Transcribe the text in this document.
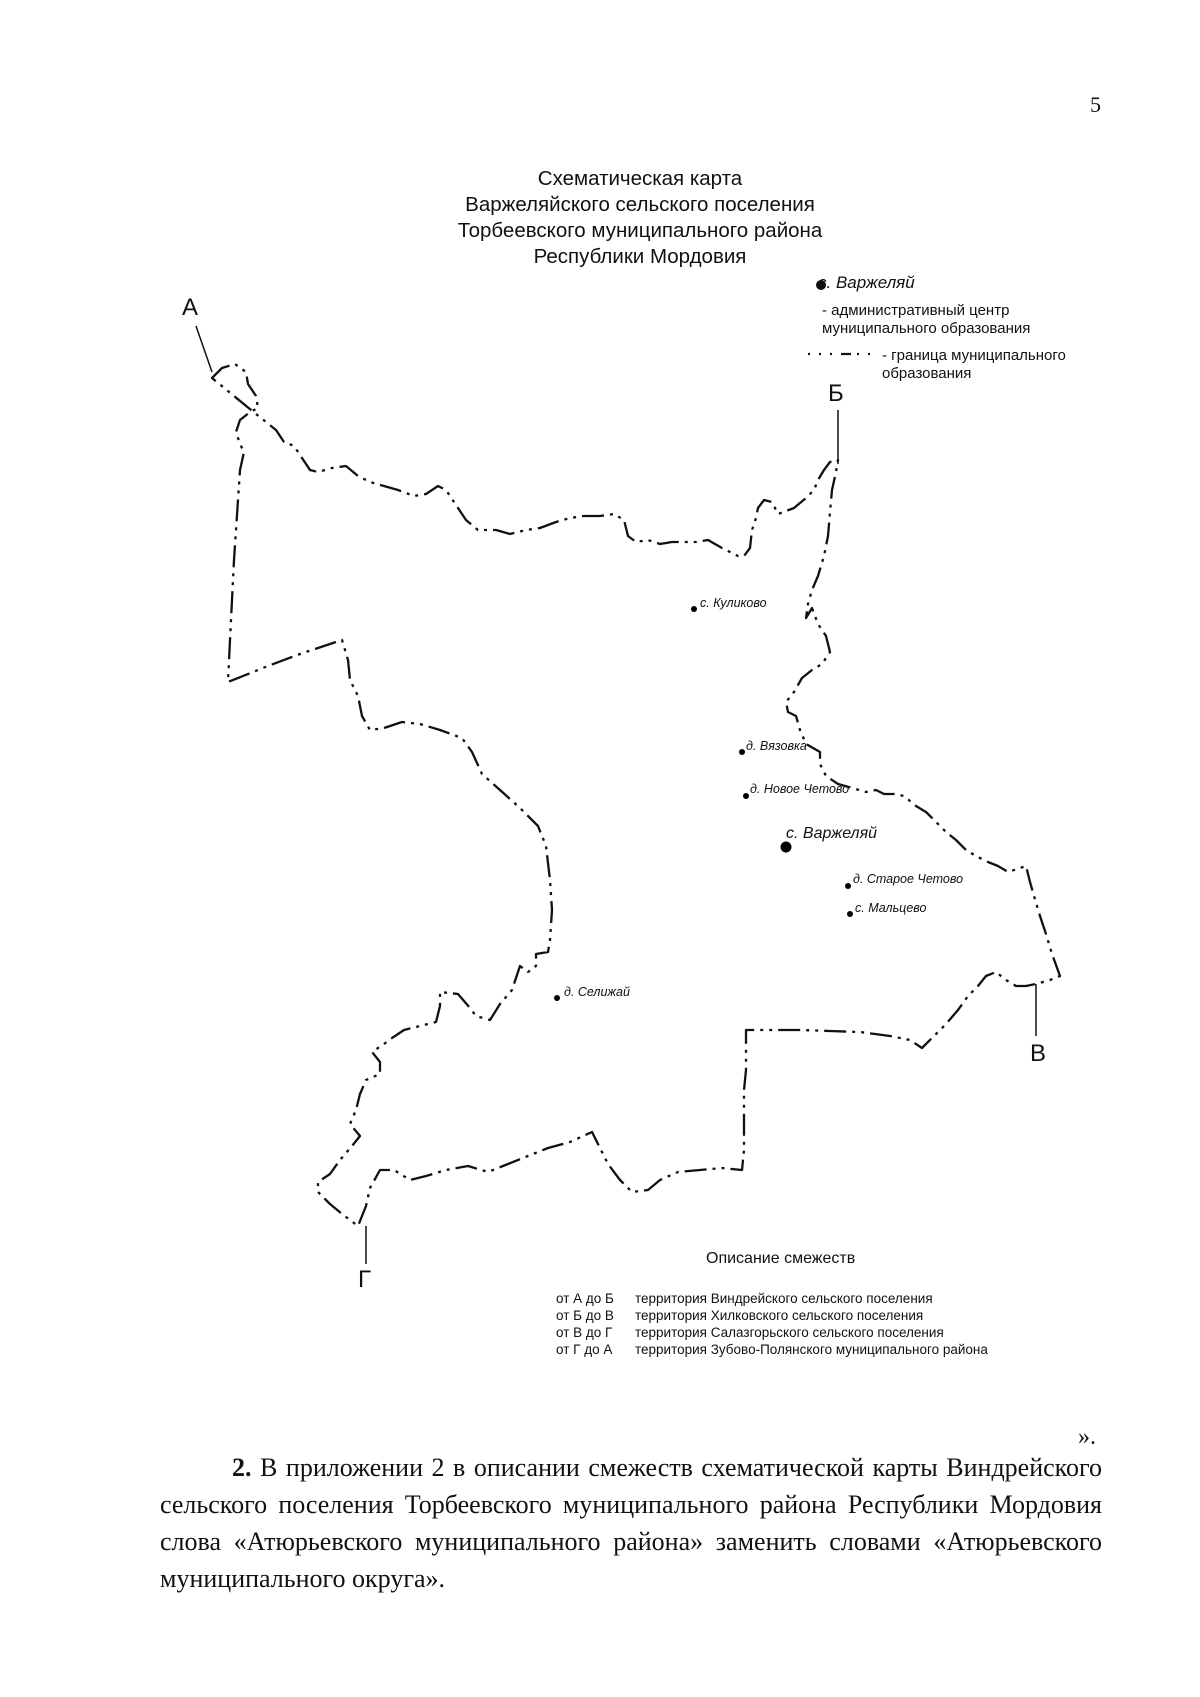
5
Схематическая карта
Варжеляйского сельского поселения
Торбеевского муниципального района
Республики Мордовия
с. Варжеляй
- административный центр муниципального образования
- граница муниципального образования
А
Б
В
Г
с. Куликово
д. Вязовка
д. Новое Четово
с. Варжеляй
д. Старое Четово
с. Мальцево
д. Селижай
Описание смежеств
от А до Б	территория Виндрейского сельского поселения
от Б до В	территория Хилковского сельского поселения
от В до Г	территория Салазгорьского сельского поселения
от Г до А	территория Зубово-Полянского муниципального района
».

2. В приложении 2 в описании смежеств схематической карты Виндрейского сельского поселения Торбеевского муниципального района Республики Мордовия слова «Атюрьевского муниципального района» заменить словами «Атюрьевского муниципального округа».
